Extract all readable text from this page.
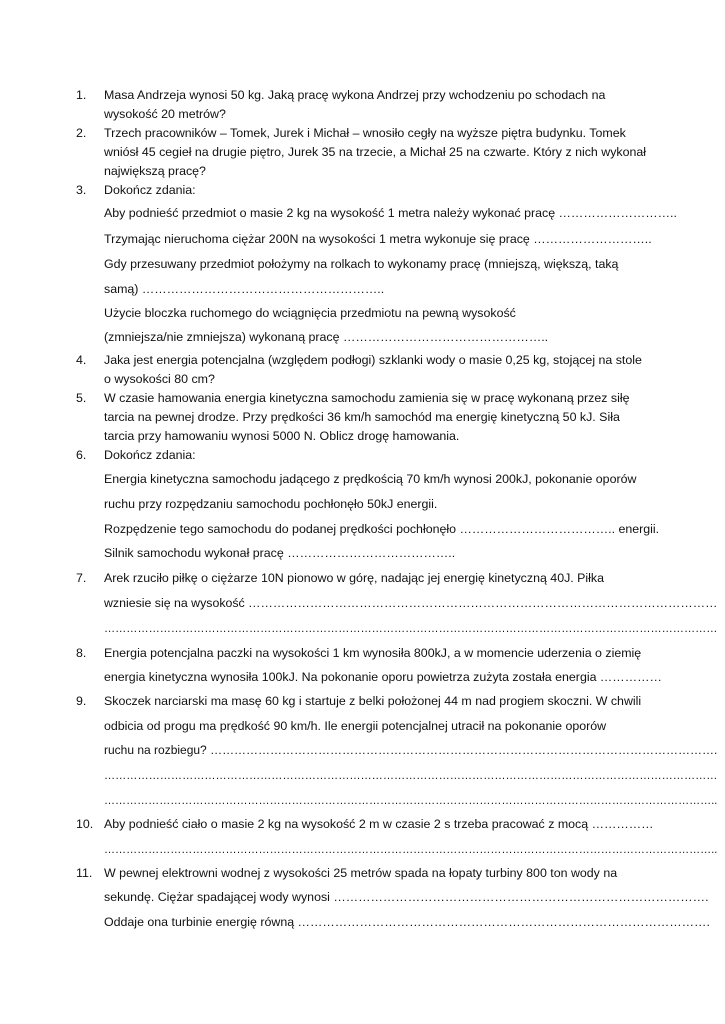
1.	Masa Andrzeja wynosi 50 kg. Jaką pracę wykona Andrzej przy wchodzeniu po schodach na
wysokość 20 metrów?
2.	Trzech pracowników – Tomek, Jurek i Michał – wnosiło cegły na wyższe piętra budynku. Tomek
wniósł 45 cegieł na drugie piętro, Jurek 35 na trzecie, a Michał 25 na czwarte. Który z nich wykonał
największą pracę?
3.	Dokończ zdania:
Aby podnieść przedmiot o masie 2 kg na wysokość 1 metra należy wykonać pracę ………………………..
Trzymając nieruchoma ciężar 200N na wysokości 1 metra wykonuje się pracę ………………………..
Gdy przesuwany przedmiot położymy na rolkach to wykonamy pracę (mniejszą, większą, taką
samą) …………………………………………………..
Użycie bloczka ruchomego do wciągnięcia przedmiotu na pewną wysokość
(zmniejsza/nie zmniejsza) wykonaną pracę …………………………………………..
4.	Jaka jest energia potencjalna (względem podłogi) szklanki wody o masie 0,25 kg, stojącej na stole
o wysokości 80 cm?
5.	W czasie hamowania energia kinetyczna samochodu zamienia się w pracę wykonaną przez siłę
tarcia na pewnej drodze. Przy prędkości 36 km/h samochód ma energię kinetyczną 50 kJ. Siła
tarcia przy hamowaniu wynosi 5000 N. Oblicz drogę hamowania.
6.	Dokończ zdania:
Energia kinetyczna samochodu jadącego z prędkością 70 km/h wynosi 200kJ, pokonanie oporów
ruchu przy rozpędzaniu samochodu pochłonęło 50kJ energii.
Rozpędzenie tego samochodu do podanej prędkości pochłonęło ……………………………….. energii.
Silnik samochodu wykonał pracę …………………………………..
7.	Arek rzuciło piłkę o ciężarze 10N pionowo w górę, nadając jej energię kinetyczną 40J. Piłka
wzniesie się na wysokość ……………………………………………………………………………………………………
…………………………………………………………………………………………………………………………………………………
8.	Energia potencjalna paczki na wysokości 1 km wynosiła 800kJ, a w momencie uderzenia o ziemię
energia kinetyczna wynosiła 100kJ. Na pokonanie oporu powietrza zużyta została energia ……………
9.	Skoczek narciarski ma masę 60 kg i startuje z belki położonej 44 m nad progiem skoczni. W chwili
odbicia od progu ma prędkość 90 km/h. Ile energii potencjalnej utracił na pokonanie oporów
ruchu na rozbiegu? ……………………………………………………………………………………………………………….
…………………………………………………………………………………………………………………………………………………
…………………………………………………………………………………………………………………………………………………..
10. Aby podnieść ciało o masie 2 kg na wysokość 2 m w czasie 2 s trzeba pracować z mocą ……………
…………………………………………………………………………………………………………………………………………………..
11. W pewnej elektrowni wodnej z wysokości 25 metrów spada na łopaty turbiny 800 ton wody na
sekundę. Ciężar spadającej wody wynosi ……………………………………………………………………………….
Oddaje ona turbinie energię równą ……………………………………………………………………………………….
